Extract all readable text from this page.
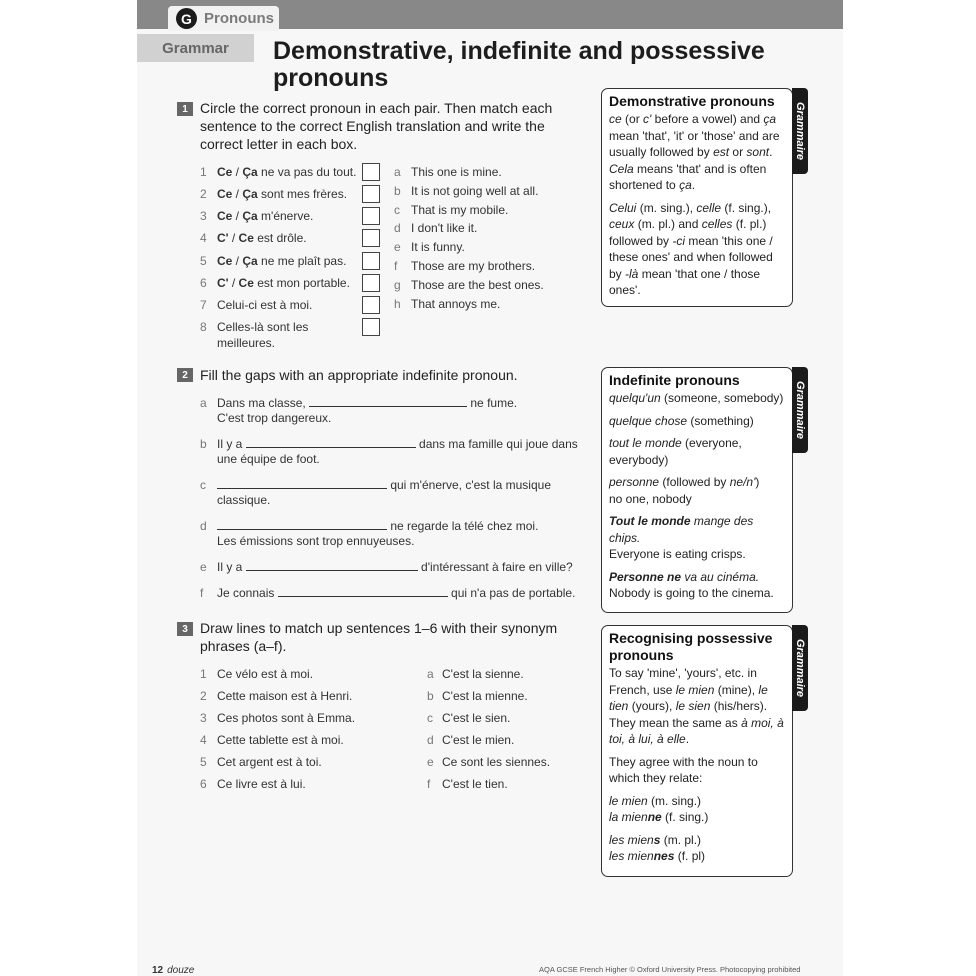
G Pronouns
Grammar	Demonstrative, indefinite and possessive
pronouns
1 Circle the correct pronoun in each pair. Then match each
sentence to the correct English translation and write the
correct letter in each box.
1 Ce / Ça ne va pas du tout.
2 Ce / Ça sont mes frères.
3 Ce / Ça m'énerve.
4 C' / Ce est drôle.
5 Ce / Ça ne me plaît pas.
6 C' / Ce est mon portable.
7 Celui-ci est à moi.
8 Celles-là sont les
meilleures.
a This one is mine.
b It is not going well at all.
c That is my mobile.
d I don't like it.
e It is funny.
f Those are my brothers.
g Those are the best ones.
h That annoys me.
2 Fill the gaps with an appropriate indefinite pronoun.
a Dans ma classe,	ne fume.
C'est trop dangereux.
b Il y a	dans ma famille qui joue dans
une équipe de foot.
c	qui m'énerve, c'est la musique
classique.
d	ne regarde la télé chez moi.
Les émissions sont trop ennuyeuses.
e Il y a	d'intéressant à faire en ville?
f Je connais	qui n'a pas de portable.
3 Draw lines to match up sentences 1–6 with their synonym
phrases (a–f).
1 Ce vélo est à moi.
2 Cette maison est à Henri.
3 Ces photos sont à Emma.
4 Cette tablette est à moi.
5 Cet argent est à toi.
6 Ce livre est à lui.
a C'est la sienne.
b C'est la mienne.
c C'est le sien.
d C'est le mien.
e Ce sont les siennes.
f C'est le tien.
Demonstrative pronouns

ce (or c' before a vowel) and ça mean 'that', 'it' or 'those' and are usually followed by est or sont. Cela means 'that' and is often shortened to ça.

Celui (m. sing.), celle (f. sing.), ceux (m. pl.) and celles (f. pl.) followed by -ci mean 'this one / these ones' and when followed by -là mean 'that one / those ones'.

Grammaire
Indefinite pronouns

quelqu'un (someone, somebody)

quelque chose (something)

tout le monde (everyone, everybody)

personne (followed by ne/n')
no one, nobody

Tout le monde mange des chips.
Everyone is eating crisps.

Personne ne va au cinéma.
Nobody is going to the cinema.

Grammaire
Recognising possessive
pronouns

To say 'mine', 'yours', etc. in French, use le mien (mine), le tien (yours), le sien (his/hers). They mean the same as à moi, à toi, à lui, à elle.

They agree with the noun to which they relate:

le mien (m. sing.)
la mienne (f. sing.)

les miens (m. pl.)
les miennes (f. pl)

Grammaire
12 douze	AQA GCSE French Higher © Oxford University Press. Photocopying prohibited
